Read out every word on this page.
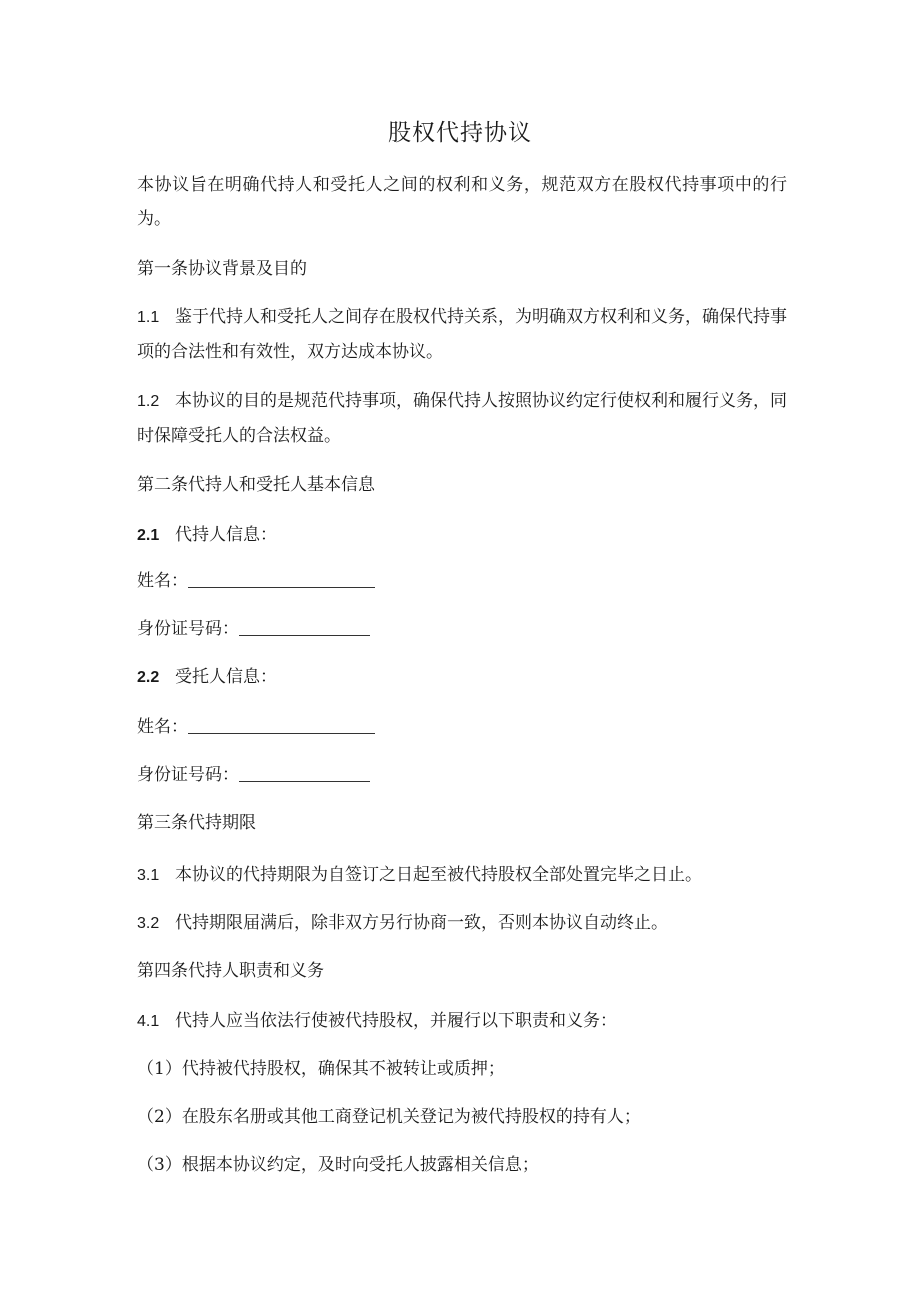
股权代持协议
本协议旨在明确代持人和受托人之间的权利和义务，规范双方在股权代持事项中的行为。
第一条协议背景及目的
1.1 鉴于代持人和受托人之间存在股权代持关系，为明确双方权利和义务，确保代持事项的合法性和有效性，双方达成本协议。
1.2 本协议的目的是规范代持事项，确保代持人按照协议约定行使权利和履行义务，同时保障受托人的合法权益。
第二条代持人和受托人基本信息
2.1 代持人信息：
姓名：
身份证号码：
2.2 受托人信息：
姓名：
身份证号码：
第三条代持期限
3.1 本协议的代持期限为自签订之日起至被代持股权全部处置完毕之日止。
3.2 代持期限届满后，除非双方另行协商一致，否则本协议自动终止。
第四条代持人职责和义务
4.1 代持人应当依法行使被代持股权，并履行以下职责和义务：
（1）代持被代持股权，确保其不被转让或质押；
（2）在股东名册或其他工商登记机关登记为被代持股权的持有人；
（3）根据本协议约定，及时向受托人披露相关信息；
